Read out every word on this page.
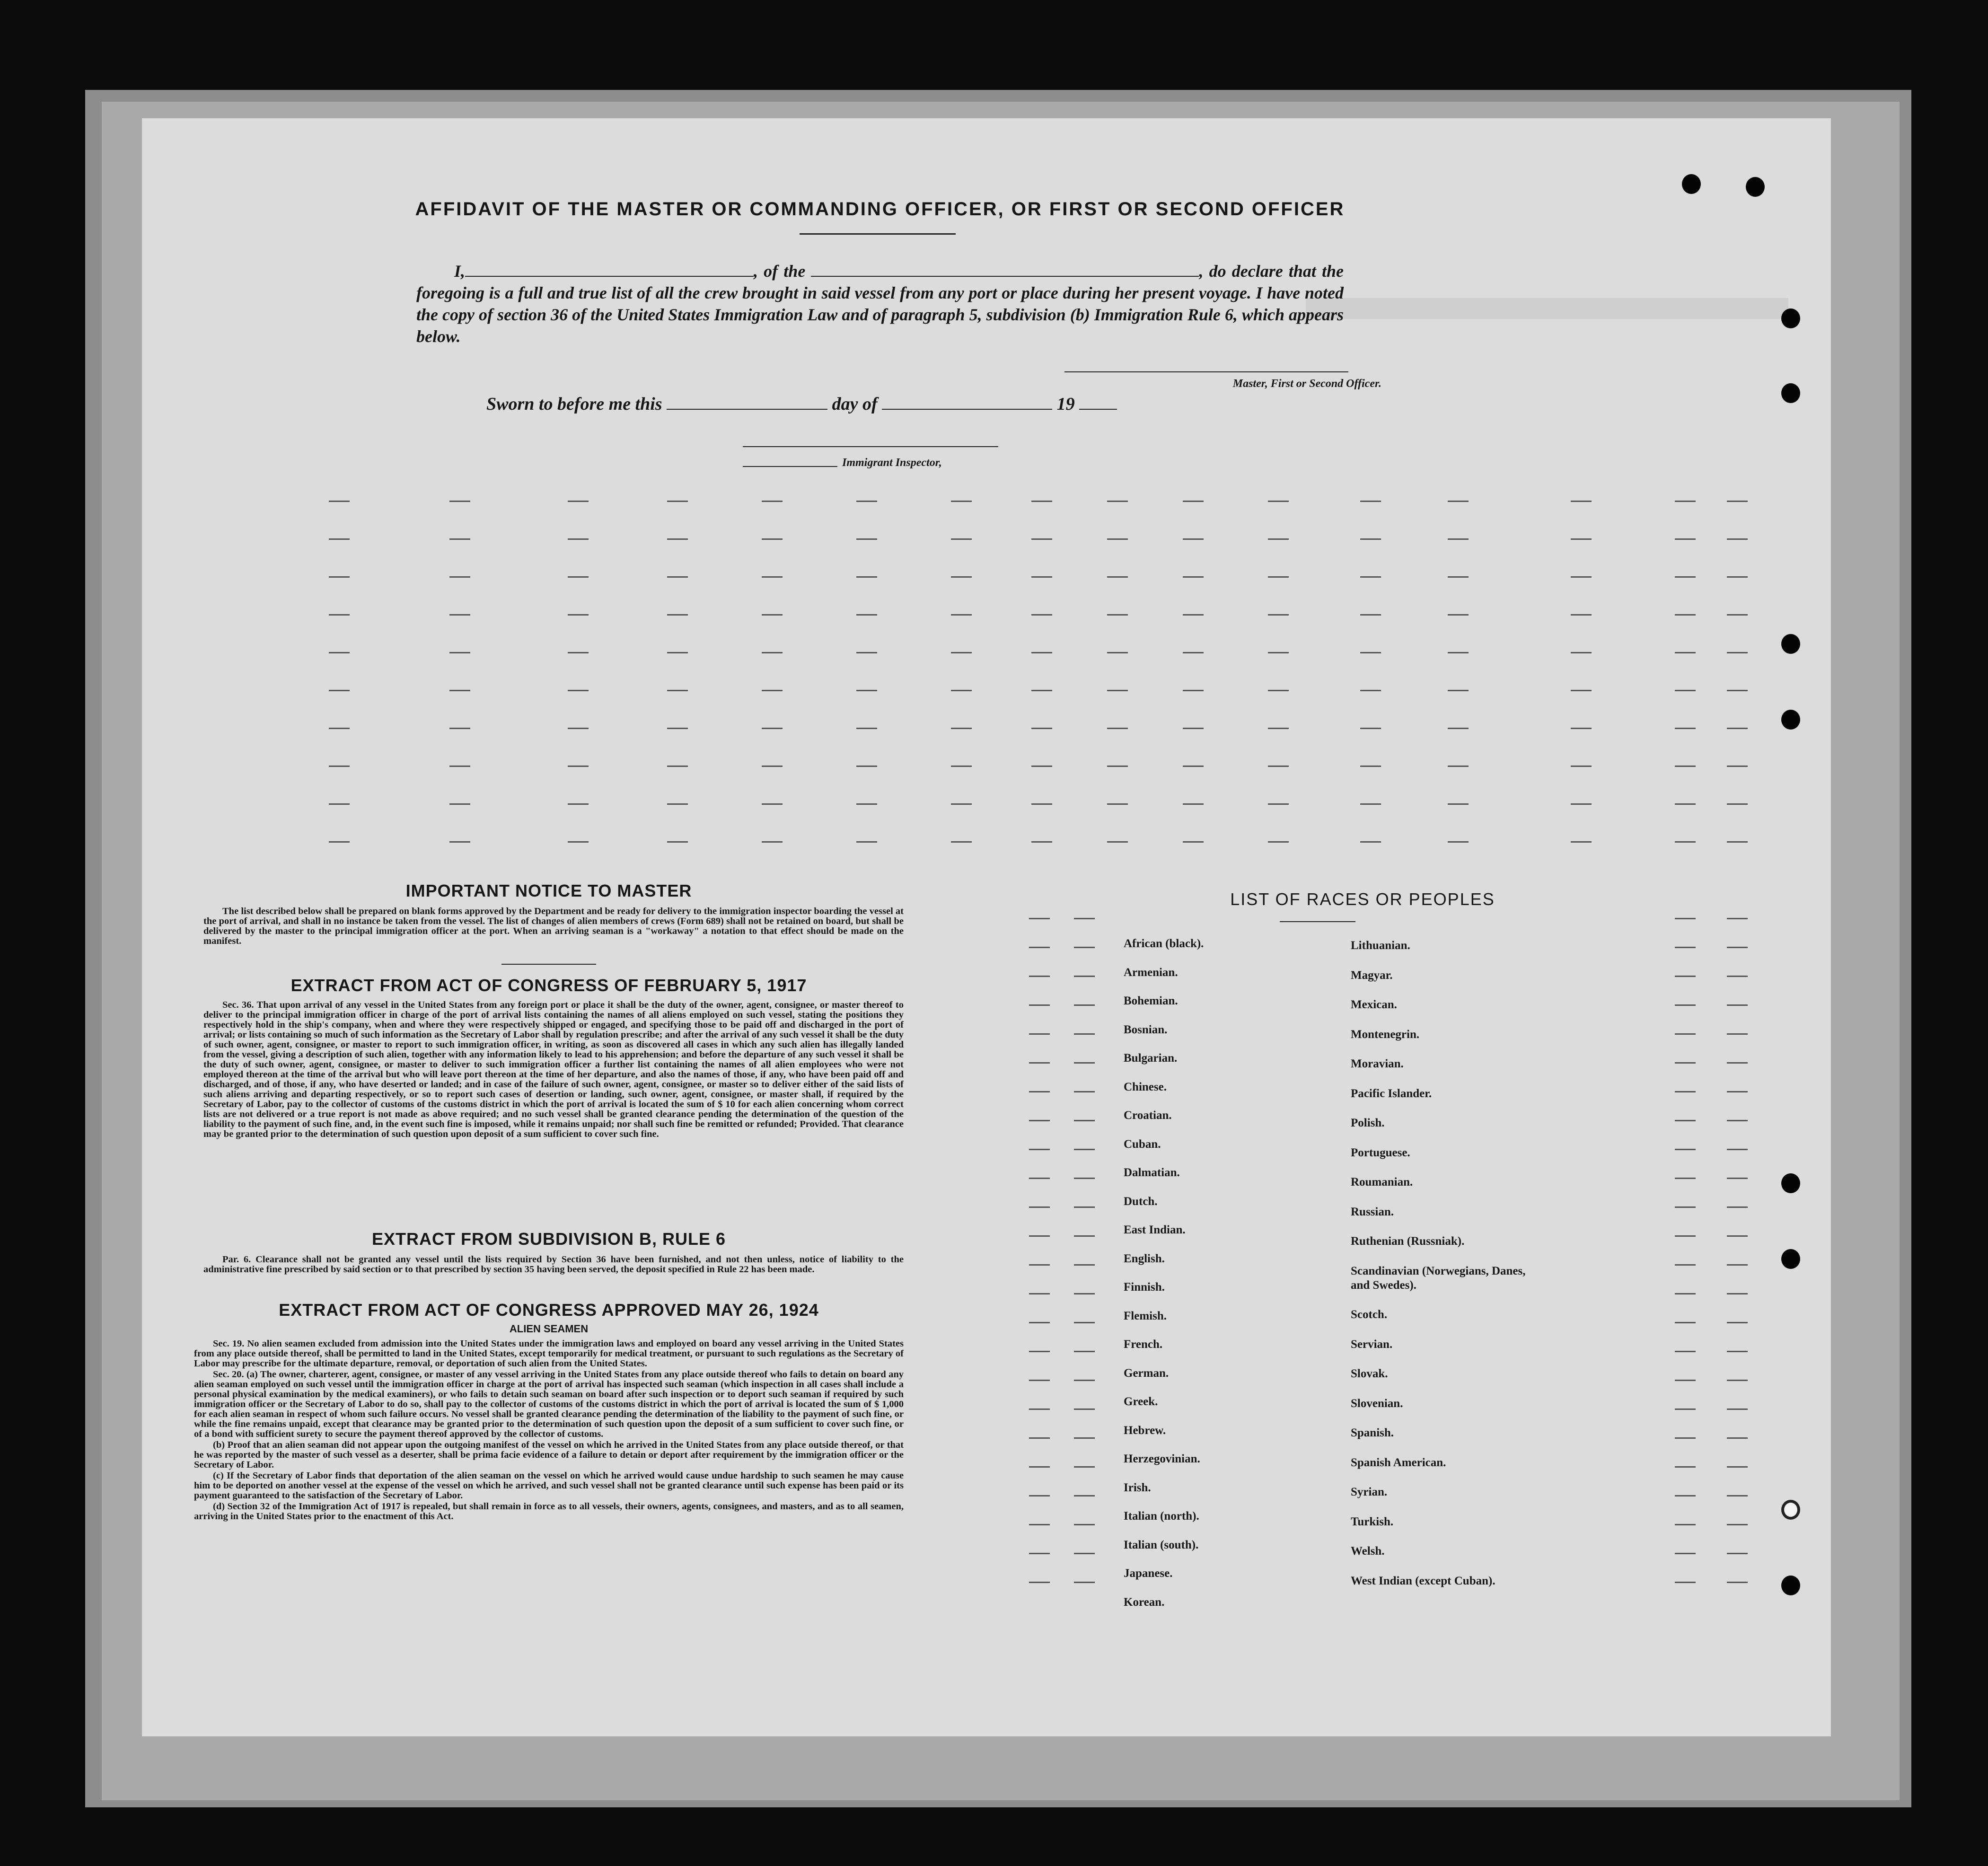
AFFIDAVIT OF THE MASTER OR COMMANDING OFFICER, OR FIRST OR SECOND OFFICER
I,	, of the	, do declare that the foregoing is a full and true list of all the crew brought in said vessel from any port or place during her present voyage. I have noted the copy of section 36 of the United States Immigration Law and of paragraph 5, subdivision (b) Immigration Rule 6, which appears below.
Master, First or Second Officer.
Sworn to before me this	day of	19
Immigrant Inspector,
IMPORTANT NOTICE TO MASTER

The list described below shall be prepared on blank forms approved by the Department and be ready for delivery to the immigration inspector boarding the vessel at the port of arrival, and shall in no instance be taken from the vessel. The list of changes of alien members of crews (Form 689) shall not be retained on board, but shall be delivered by the master to the principal immigration officer at the port. When an arriving seaman is a "workaway" a notation to that effect should be made on the manifest.

EXTRACT FROM ACT OF CONGRESS OF FEBRUARY 5, 1917

Sec. 36. That upon arrival of any vessel in the United States from any foreign port or place it shall be the duty of the owner, agent, consignee, or master thereof to deliver to the principal immigration officer in charge of the port of arrival lists containing the names of all aliens employed on such vessel, stating the positions they respectively hold in the ship's company, when and where they were respectively shipped or engaged, and specifying those to be paid off and discharged in the port of arrival; or lists containing so much of such information as the Secretary of Labor shall by regulation prescribe; and after the arrival of any such vessel it shall be the duty of such owner, agent, consignee, or master to report to such immigration officer, in writing, as soon as discovered all cases in which any such alien has illegally landed from the vessel, giving a description of such alien, together with any information likely to lead to his apprehension; and before the departure of any such vessel it shall be the duty of such owner, agent, consignee, or master to deliver to such immigration officer a further list containing the names of all alien employees who were not employed thereon at the time of the arrival but who will leave port thereon at the time of her departure, and also the names of those, if any, who have been paid off and discharged, and of those, if any, who have deserted or landed; and in case of the failure of such owner, agent, consignee, or master so to deliver either of the said lists of such aliens arriving and departing respectively, or so to report such cases of desertion or landing, such owner, agent, consignee, or master shall, if required by the Secretary of Labor, pay to the collector of customs of the customs district in which the port of arrival is located the sum of $ 10 for each alien concerning whom correct lists are not delivered or a true report is not made as above required; and no such vessel shall be granted clearance pending the determination of the question of the liability to the payment of such fine, and, in the event such fine is imposed, while it remains unpaid; nor shall such fine be remitted or refunded; Provided. That clearance may be granted prior to the determination of such question upon deposit of a sum sufficient to cover such fine.

EXTRACT FROM SUBDIVISION B, RULE 6

Par. 6. Clearance shall not be granted any vessel until the lists required by Section 36 have been furnished, and not then unless, notice of liability to the administrative fine prescribed by said section or to that prescribed by section 35 having been served, the deposit specified in Rule 22 has been made.

EXTRACT FROM ACT OF CONGRESS APPROVED MAY 26, 1924
ALIEN SEAMEN

Sec. 19. No alien seamen excluded from admission into the United States under the immigration laws and employed on board any vessel arriving in the United States from any place outside thereof, shall be permitted to land in the United States, except temporarily for medical treatment, or pursuant to such regulations as the Secretary of Labor may prescribe for the ultimate departure, removal, or deportation of such alien from the United States.

Sec. 20. (a) The owner, charterer, agent, consignee, or master of any vessel arriving in the United States from any place outside thereof who fails to detain on board any alien seaman employed on such vessel until the immigration officer in charge at the port of arrival has inspected such seaman (which inspection in all cases shall include a personal physical examination by the medical examiners), or who fails to detain such seaman on board after such inspection or to deport such seaman if required by such immigration officer or the Secretary of Labor to do so, shall pay to the collector of customs of the customs district in which the port of arrival is located the sum of $ 1,000 for each alien seaman in respect of whom such failure occurs. No vessel shall be granted clearance pending the determination of the liability to the payment of such fine, or while the fine remains unpaid, except that clearance may be granted prior to the determination of such question upon the deposit of a sum sufficient to cover such fine, or of a bond with sufficient surety to secure the payment thereof approved by the collector of customs.

(b) Proof that an alien seaman did not appear upon the outgoing manifest of the vessel on which he arrived in the United States from any place outside thereof, or that he was reported by the master of such vessel as a deserter, shall be prima facie evidence of a failure to detain or deport after requirement by the immigration officer or the Secretary of Labor.

(c) If the Secretary of Labor finds that deportation of the alien seaman on the vessel on which he arrived would cause undue hardship to such seamen he may cause him to be deported on another vessel at the expense of the vessel on which he arrived, and such vessel shall not be granted clearance until such expense has been paid or its payment guaranteed to the satisfaction of the Secretary of Labor.

(d) Section 32 of the Immigration Act of 1917 is repealed, but shall remain in force as to all vessels, their owners, agents, consignees, and masters, and as to all seamen, arriving in the United States prior to the enactment of this Act.

LIST OF RACES OR PEOPLES
African (black).
Armenian.
Bohemian.
Bosnian.
Bulgarian.
Chinese.
Croatian.
Cuban.
Dalmatian.
Dutch.
East Indian.
English.
Finnish.
Flemish.
French.
German.
Greek.
Hebrew.
Herzegovinian.
Irish.
Italian (north).
Italian (south).
Japanese.
Korean.
Lithuanian.
Magyar.
Mexican.
Montenegrin.
Moravian.
Pacific Islander.
Polish.
Portuguese.
Roumanian.
Russian.
Ruthenian (Russniak).
Scandinavian (Norwegians, Danes, and Swedes).
Scotch.
Servian.
Slovak.
Slovenian.
Spanish.
Spanish American.
Syrian.
Turkish.
Welsh.
West Indian (except Cuban).
